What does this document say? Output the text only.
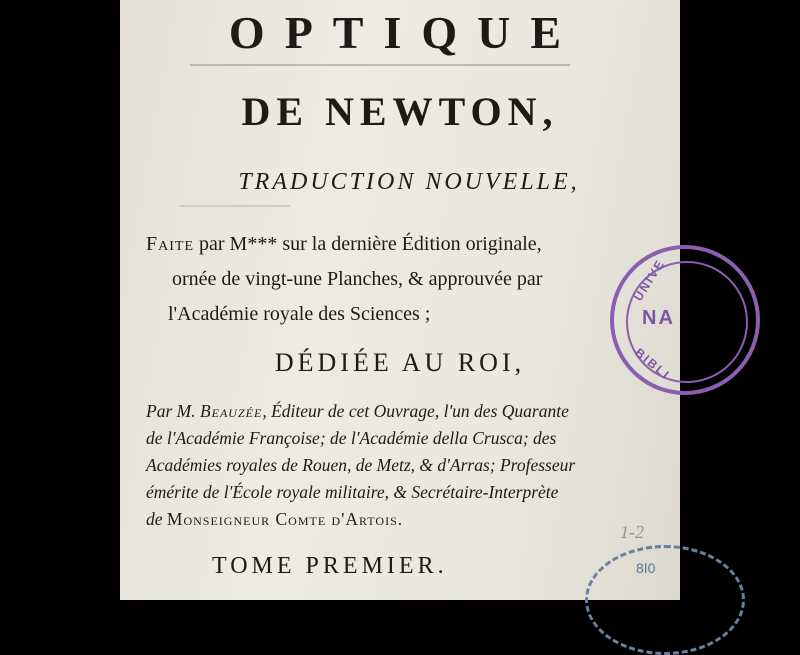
OPTIQUE
DE NEWTON,
TRADUCTION NOUVELLE,
Faite par M*** sur la dernière Édition originale,
ornée de vingt-une Planches, & approuvée par
l'Académie royale des Sciences ;
DÉDIÉE AU ROI,
Par M. Beauzée, Éditeur de cet Ouvrage, l'un des Quarante
de l'Académie Françoise; de l'Académie della Crusca; des
Académies royales de Rouen, de Metz, & d'Arras; Professeur
émérite de l'École royale militaire, & Secrétaire-Interprète
de Monseigneur Comte d'Artois.
1-2
TOME PREMIER.
UNIVE
NA
BIBLI
8I0
